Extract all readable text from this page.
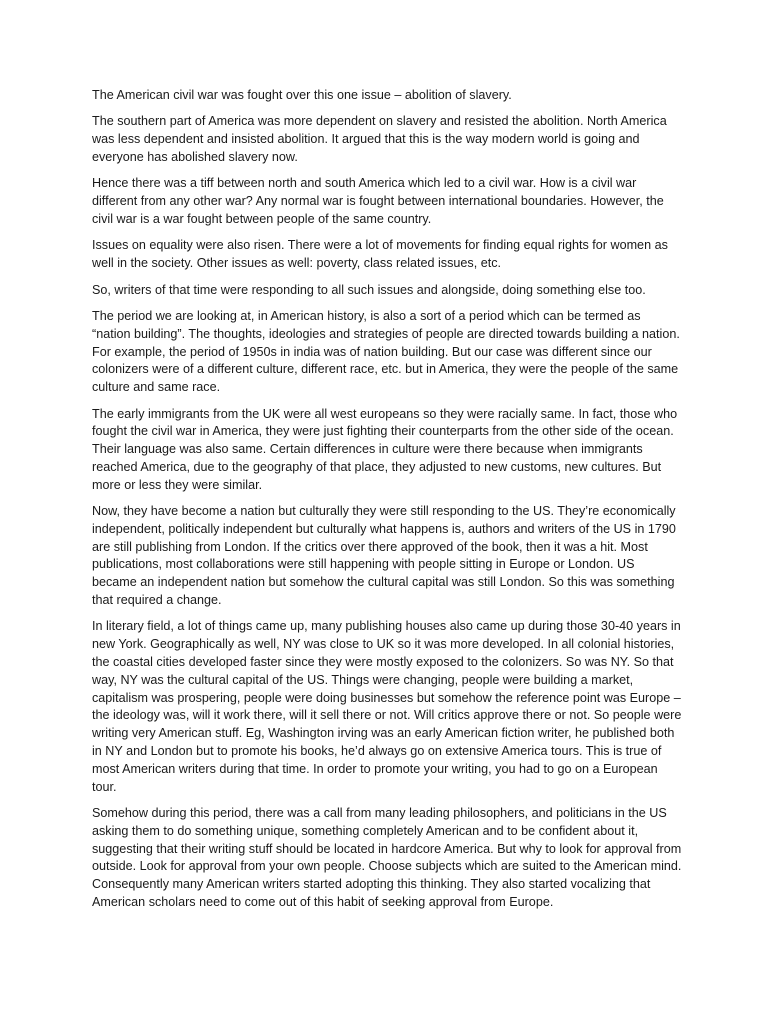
The American civil war was fought over this one issue – abolition of slavery.

The southern part of America was more dependent on slavery and resisted the abolition. North America was less dependent and insisted abolition. It argued that this is the way modern world is going and everyone has abolished slavery now.

Hence there was a tiff between north and south America which led to a civil war. How is a civil war different from any other war? Any normal war is fought between international boundaries. However, the civil war is a war fought between people of the same country.

Issues on equality were also risen. There were a lot of movements for finding equal rights for women as well in the society. Other issues as well: poverty, class related issues, etc.

So, writers of that time were responding to all such issues and alongside, doing something else too.

The period we are looking at, in American history, is also a sort of a period which can be termed as “nation building”. The thoughts, ideologies and strategies of people are directed towards building a nation. For example, the period of 1950s in india was of nation building. But our case was different since our colonizers were of a different culture, different race, etc. but in America, they were the people of the same culture and same race.

The early immigrants from the UK were all west europeans so they were racially same. In fact, those who fought the civil war in America, they were just fighting their counterparts from the other side of the ocean. Their language was also same. Certain differences in culture were there because when immigrants reached America, due to the geography of that place, they adjusted to new customs, new cultures. But more or less they were similar.

Now, they have become a nation but culturally they were still responding to the US. They’re economically independent, politically independent but culturally what happens is, authors and writers of the US in 1790 are still publishing from London. If the critics over there approved of the book, then it was a hit. Most publications, most collaborations were still happening with people sitting in Europe or London. US became an independent nation but somehow the cultural capital was still London. So this was something that required a change.

In literary field, a lot of things came up, many publishing houses also came up during those 30-40 years in new York. Geographically as well, NY was close to UK so it was more developed. In all colonial histories, the coastal cities developed faster since they were mostly exposed to the colonizers. So was NY. So that way, NY was the cultural capital of the US. Things were changing, people were building a market, capitalism was prospering, people were doing businesses but somehow the reference point was Europe – the ideology was, will it work there, will it sell there or not. Will critics approve there or not. So people were writing very American stuff. Eg, Washington irving was an early American fiction writer, he published both in NY and London but to promote his books, he’d always go on extensive America tours. This is true of most American writers during that time. In order to promote your writing, you had to go on a European tour.

Somehow during this period, there was a call from many leading philosophers, and politicians in the US asking them to do something unique, something completely American and to be confident about it, suggesting that their writing stuff should be located in hardcore America. But why to look for approval from outside. Look for approval from your own people. Choose subjects which are suited to the American mind. Consequently many American writers started adopting this thinking. They also started vocalizing that American scholars need to come out of this habit of seeking approval from Europe.
